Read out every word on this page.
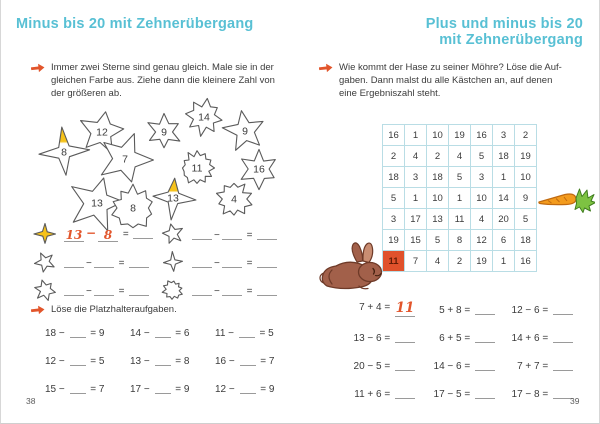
Minus bis 20 mit Zehnerübergang	Plus und minus bis 20
mit Zehnerübergang
Immer zwei Sterne sind genau gleich. Male sie in der
gleichen Farbe aus. Ziehe dann die kleinere Zahl von
der größeren ab.
12
8
7
9
14
9
11	16
13	8
13	4
13 − 8 =	− =
− =	− =
− =	− =
Löse die Platzhalteraufgaben.
18 −  = 9	14 −  = 6	11 −  = 5
12 −  = 5	13 −  = 8	16 −  = 7
15 −  = 7	17 −  = 9	12 −  = 9
38
Wie kommt der Hase zu seiner Möhre? Löse die Auf-
gaben. Dann malst du alle Kästchen an, auf denen
eine Ergebniszahl steht.
16	1	10	19	16	3	2
2	4	2	4	5	18	19
18	3	18	5	3	1	10
5	1	10	1	10	14	9
3	17	13	11	4	20	5
19	15	5	8	12	6	18
11	7	4	2	19	1	16
7 + 4 = 11	5 + 8 =	12 − 6 =
13 − 6 =	6 + 5 =	14 + 6 =
20 − 5 =	14 − 6 =	7 + 7 =
11 + 6 =	17 − 5 =	17 − 8 =
39
